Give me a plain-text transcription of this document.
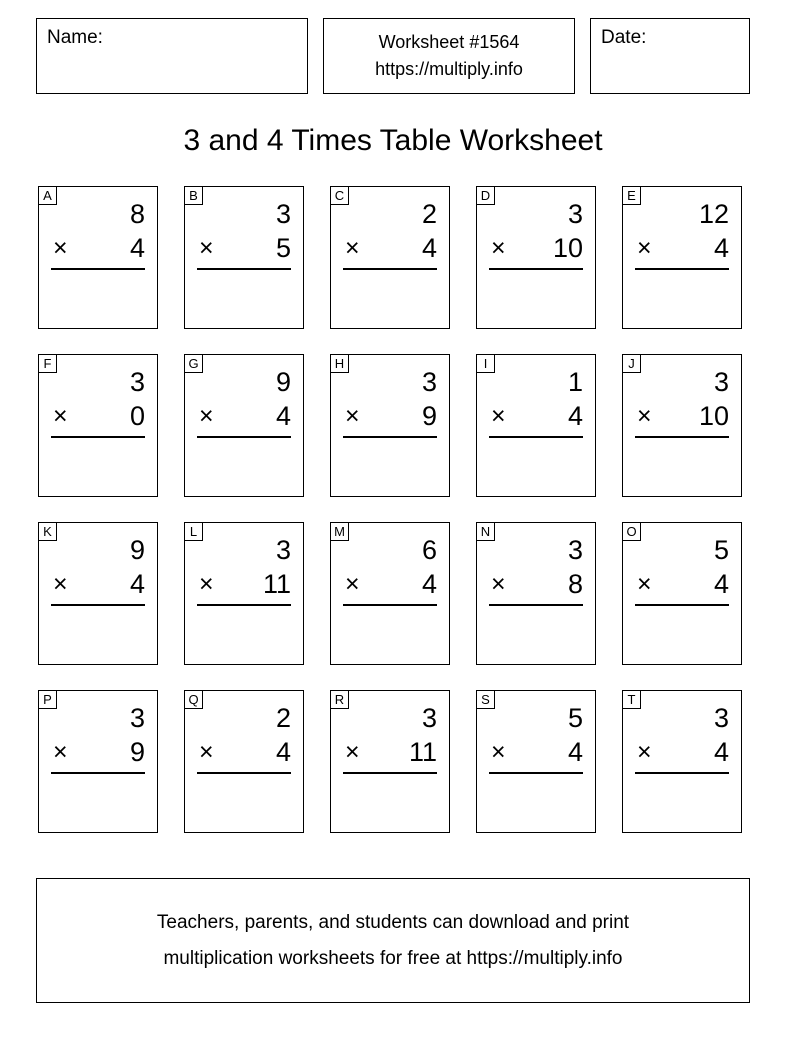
Name:	Worksheet #1564
https://multiply.info
Date:
3 and 4 Times Table Worksheet
A
8
× 4
B
3
× 5
C
2
× 4
D
3
× 10
E
12
× 4
F
3
× 0
G
9
× 4
H
3
× 9
I
1
× 4
J
3
× 10
K
9
× 4
L
3
× 11
M
6
× 4
N
3
× 8
O
5
× 4
P
3
× 9
Q
2
× 4
R
3
× 11
S
5
× 4
T
3
× 4
Teachers, parents, and students can download and print
multiplication worksheets for free at https://multiply.info
